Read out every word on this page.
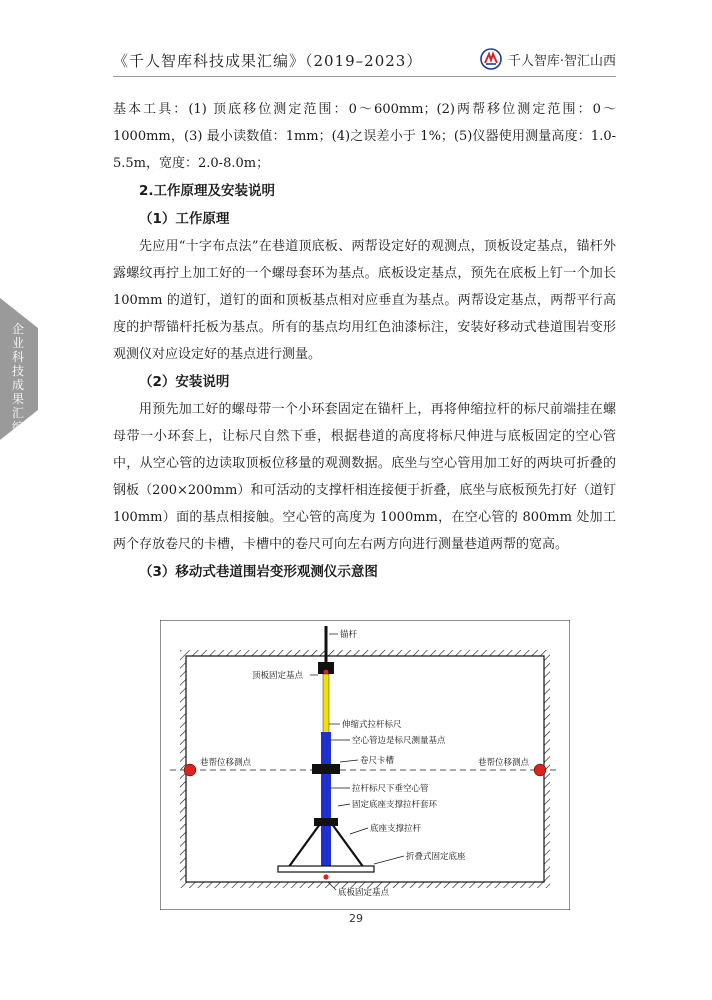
《千人智库科技成果汇编》（2019–2023）	千人智库·智汇山西
企业科技成果汇编

基本工具：(1) 顶底移位测定范围：0～600mm；(2)两帮移位测定范围：0～1000mm，(3) 最小读数值：1mm；(4)之误差小于 1%；(5)仪器使用测量高度：1.0-5.5m，宽度：2.0-8.0m；

2.工作原理及安装说明
（1）工作原理

先应用“十字布点法”在巷道顶底板、两帮设定好的观测点，顶板设定基点，锚杆外露螺纹再拧上加工好的一个螺母套环为基点。底板设定基点，预先在底板上钉一个加长 100mm 的道钉，道钉的面和顶板基点相对应垂直为基点。两帮设定基点，两帮平行高度的护帮锚杆托板为基点。所有的基点均用红色油漆标注，安装好移动式巷道围岩变形观测仪对应设定好的基点进行测量。

（2）安装说明

用预先加工好的螺母带一个小环套固定在锚杆上，再将伸缩拉杆的标尺前端挂在螺母带一小环套上，让标尺自然下垂，根据巷道的高度将标尺伸进与底板固定的空心管中，从空心管的边读取顶板位移量的观测数据。底坐与空心管用加工好的两块可折叠的钢板（200×200mm）和可活动的支撑杆相连接便于折叠，底坐与底板预先打好（道钉 100mm）面的基点相接触。空心管的高度为 1000mm，在空心管的 800mm 处加工两个存放卷尺的卡槽，卡槽中的卷尺可向左右两方向进行测量巷道两帮的宽高。

（3）移动式巷道围岩变形观测仪示意图
锚杆
顶板固定基点
伸缩式拉杆标尺
空心管边是标尺测量基点
巷帮位移测点	巷帮位移测点
卷尺卡槽
拉杆标尺下垂空心管
固定底座支撑拉杆套环
底座支撑拉杆
折叠式固定底座
底板固定基点
29
